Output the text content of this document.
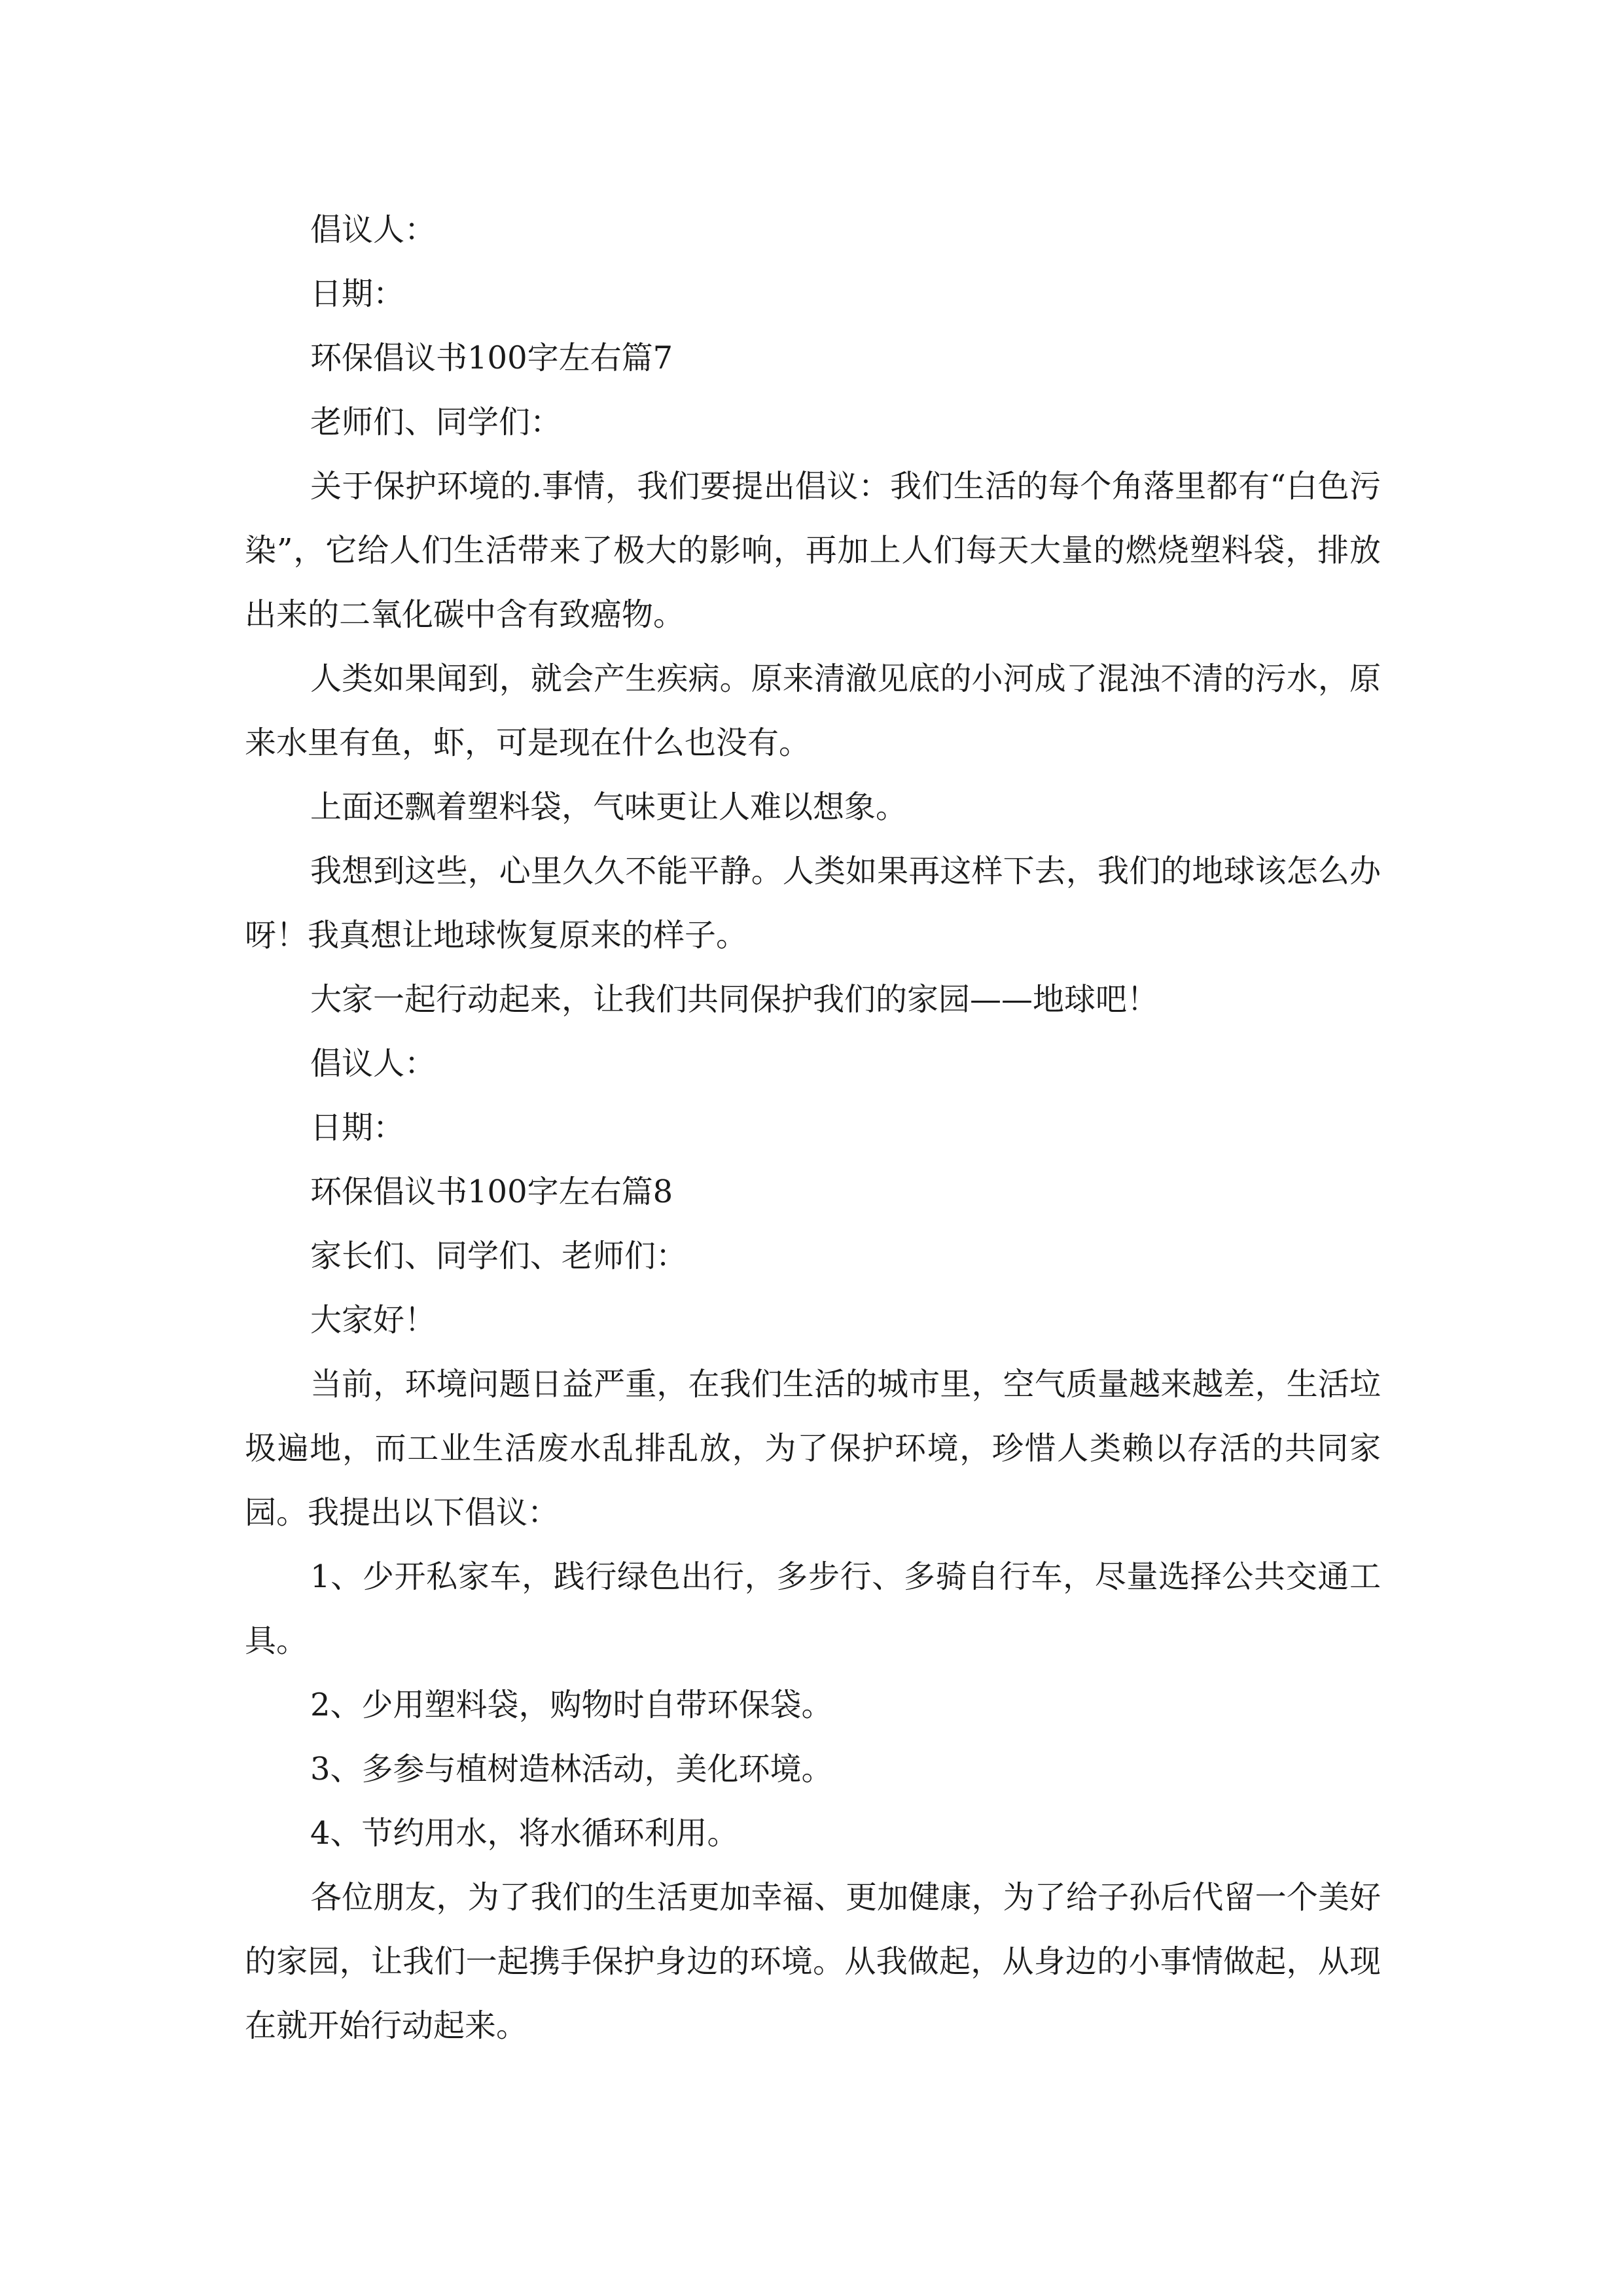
倡议人：

日期：

环保倡议书100字左右篇7

老师们、同学们：

关于保护环境的.事情，我们要提出倡议：我们生活的每个角落里都有“白色污染”，它给人们生活带来了极大的影响，再加上人们每天大量的燃烧塑料袋，排放出来的二氧化碳中含有致癌物。

人类如果闻到，就会产生疾病。原来清澈见底的小河成了混浊不清的污水，原来水里有鱼，虾，可是现在什么也没有。

上面还飘着塑料袋，气味更让人难以想象。

我想到这些，心里久久不能平静。人类如果再这样下去，我们的地球该怎么办呀！我真想让地球恢复原来的样子。

大家一起行动起来，让我们共同保护我们的家园——地球吧！

倡议人：

日期：

环保倡议书100字左右篇8

家长们、同学们、老师们：

大家好！

当前，环境问题日益严重，在我们生活的城市里，空气质量越来越差，生活垃圾遍地，而工业生活废水乱排乱放，为了保护环境，珍惜人类赖以存活的共同家园。我提出以下倡议：

1、少开私家车，践行绿色出行，多步行、多骑自行车，尽量选择公共交通工具。

2、少用塑料袋，购物时自带环保袋。

3、多参与植树造林活动，美化环境。

4、节约用水，将水循环利用。

各位朋友，为了我们的生活更加幸福、更加健康，为了给子孙后代留一个美好的家园，让我们一起携手保护身边的环境。从我做起，从身边的小事情做起，从现在就开始行动起来。
